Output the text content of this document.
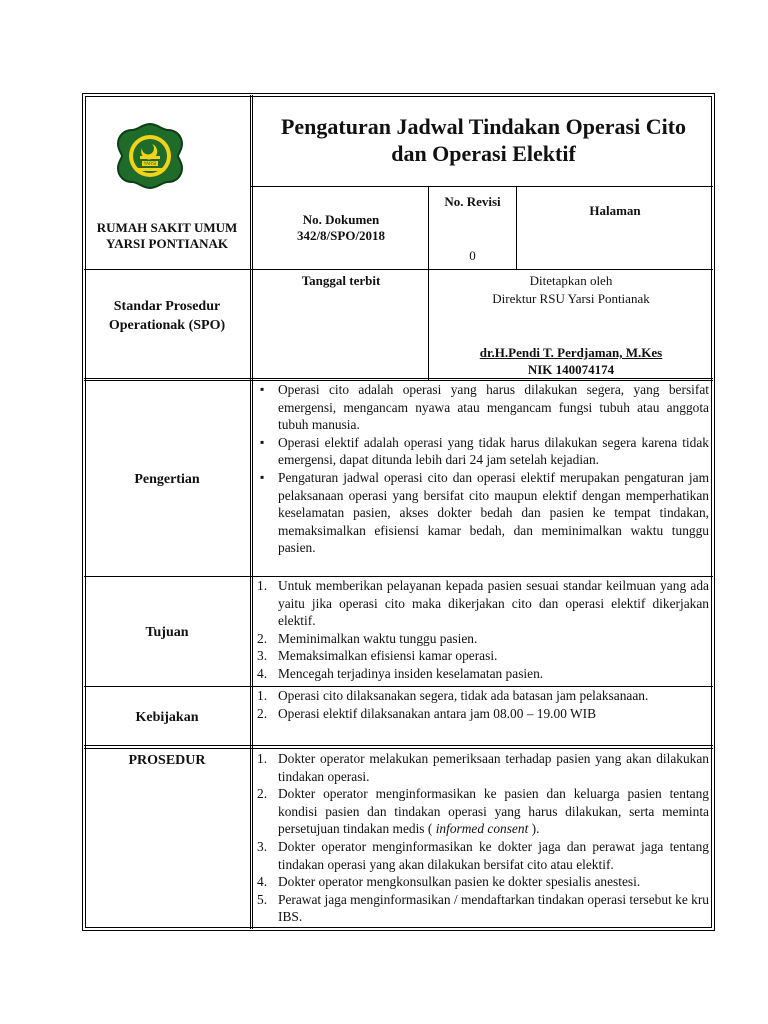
YARSI
RUMAH SAKIT UMUM
YARSI PONTIANAK
Pengaturan Jadwal Tindakan Operasi Cito
dan Operasi Elektif
No. Dokumen
342/8/SPO/2018
No. Revisi
0
Halaman
Standar Prosedur Operationak (SPO)
Tanggal terbit	Ditetapkan oleh
Direktur RSU Yarsi Pontianak
dr.H.Pendi T. Perdjaman, M.Kes
NIK 140074174
Pengertian
▪ Operasi cito adalah operasi yang harus dilakukan segera, yang bersifat emergensi, mengancam nyawa atau mengancam fungsi tubuh atau anggota tubuh manusia.
▪ Operasi elektif adalah operasi yang tidak harus dilakukan segera karena tidak emergensi, dapat ditunda lebih dari 24 jam setelah kejadian.
▪ Pengaturan jadwal operasi cito dan operasi elektif merupakan pengaturan jam pelaksanaan operasi yang bersifat cito maupun elektif dengan memperhatikan keselamatan pasien, akses dokter bedah dan pasien ke tempat tindakan, memaksimalkan efisiensi kamar bedah, dan meminimalkan waktu tunggu pasien.
Tujuan
1. Untuk memberikan pelayanan kepada pasien sesuai standar keilmuan yang ada yaitu jika operasi cito maka dikerjakan cito dan operasi elektif dikerjakan elektif.
2. Meminimalkan waktu tunggu pasien.
3. Memaksimalkan efisiensi kamar operasi.
4. Mencegah terjadinya insiden keselamatan pasien.
Kebijakan
1. Operasi cito dilaksanakan segera, tidak ada batasan jam pelaksanaan.
2. Operasi elektif dilaksanakan antara jam 08.00 – 19.00 WIB
PROSEDUR	1. Dokter operator melakukan pemeriksaan terhadap pasien yang akan dilakukan tindakan operasi.
2. Dokter operator menginformasikan ke pasien dan keluarga pasien tentang kondisi pasien dan tindakan operasi yang harus dilakukan, serta meminta persetujuan tindakan medis ( informed consent ).
3. Dokter operator menginformasikan ke dokter jaga dan perawat jaga tentang tindakan operasi yang akan dilakukan bersifat cito atau elektif.
4. Dokter operator mengkonsulkan pasien ke dokter spesialis anestesi.
5. Perawat jaga menginformasikan / mendaftarkan tindakan operasi tersebut ke kru IBS.
